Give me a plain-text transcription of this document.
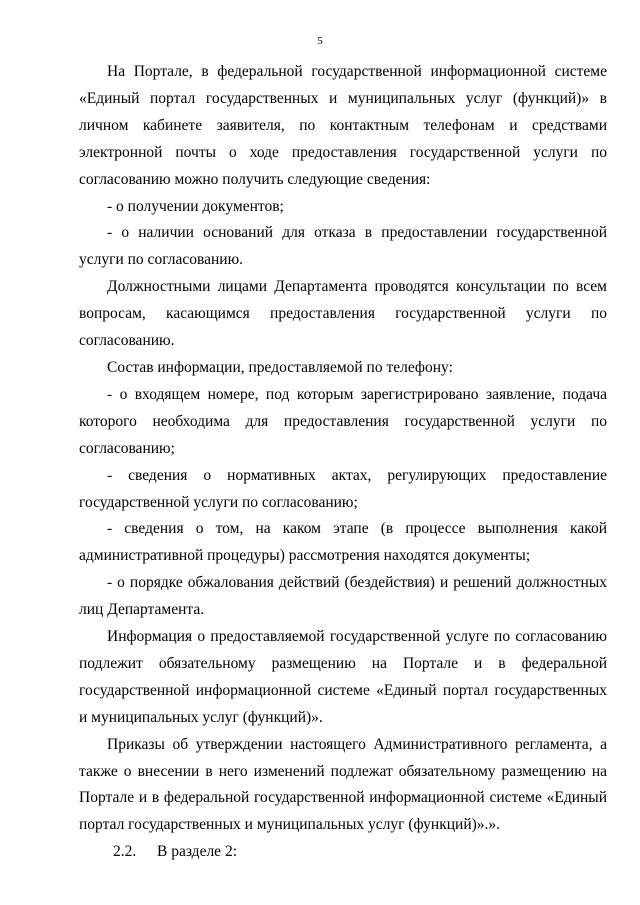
5

На Портале, в федеральной государственной информационной системе «Единый портал государственных и муниципальных услуг (функций)» в личном кабинете заявителя, по контактным телефонам и средствами электронной почты о ходе предоставления государственной услуги по согласованию можно получить следующие сведения:

- о получении документов;

- о наличии оснований для отказа в предоставлении государственной услуги по согласованию.

Должностными лицами Департамента проводятся консультации по всем вопросам, касающимся предоставления государственной услуги по согласованию.

Состав информации, предоставляемой по телефону:

- о входящем номере, под которым зарегистрировано заявление, подача которого необходима для предоставления государственной услуги по согласованию;

- сведения о нормативных актах, регулирующих предоставление государственной услуги по согласованию;

- сведения о том, на каком этапе (в процессе выполнения какой административной процедуры) рассмотрения находятся документы;

- о порядке обжалования действий (бездействия) и решений должностных лиц Департамента.

Информация о предоставляемой государственной услуге по согласованию подлежит обязательному размещению на Портале и в федеральной государственной информационной системе «Единый портал государственных и муниципальных услуг (функций)».

Приказы об утверждении настоящего Административного регламента, а также о внесении в него изменений подлежат обязательному размещению на Портале и в федеральной государственной информационной системе «Единый портал государственных и муниципальных услуг (функций)».».

2.2. В разделе 2:
